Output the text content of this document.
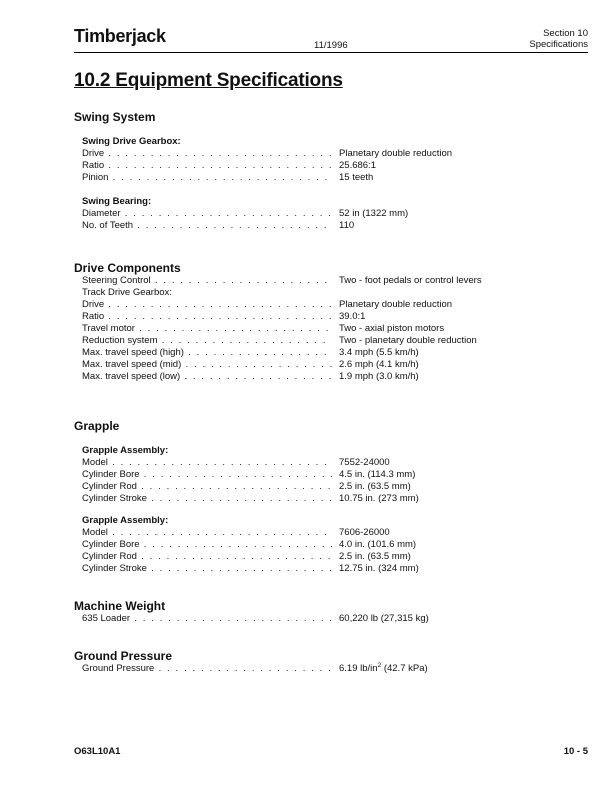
Timberjack	11/1996
Section 10
Specifications
10.2 Equipment Specifications
Swing System
Swing Drive Gearbox:
Drive . . .	Planetary double reduction
Ratio . . .	25.686:1
Pinion . . .	15 teeth
Swing Bearing:
Diameter . . .	52 in (1322 mm)
No. of Teeth . . .	110
Drive Components
Steering Control . . .	Two - foot pedals or control levers
Track Drive Gearbox:
Drive . . .	Planetary double reduction
Ratio . . .	39.0:1
Travel motor . . .	Two - axial piston motors
Reduction system . . .	Two - planetary double reduction
Max. travel speed (high) . . .	3.4 mph (5.5 km/h)
Max. travel speed (mid) . . .	2.6 mph (4.1 km/h)
Max. travel speed (low) . . .	1.9 mph (3.0 km/h)
Grapple
Grapple Assembly:
Model . . .	7552-24000
Cylinder Bore . . .	4.5 in. (114.3 mm)
Cylinder Rod . . .	2.5 in. (63.5 mm)
Cylinder Stroke . . .	10.75 in. (273 mm)
Grapple Assembly:
Model . . .	7606-26000
Cylinder Bore . . .	4.0 in. (101.6 mm)
Cylinder Rod . . .	2.5 in. (63.5 mm)
Cylinder Stroke . . .	12.75 in. (324 mm)
Machine Weight
635 Loader . . .	60,220 lb (27,315 kg)
Ground Pressure
Ground Pressure . . .	6.19 $lb/in^2$ (42.7 kPa)
O63L10A1	10 - 5
